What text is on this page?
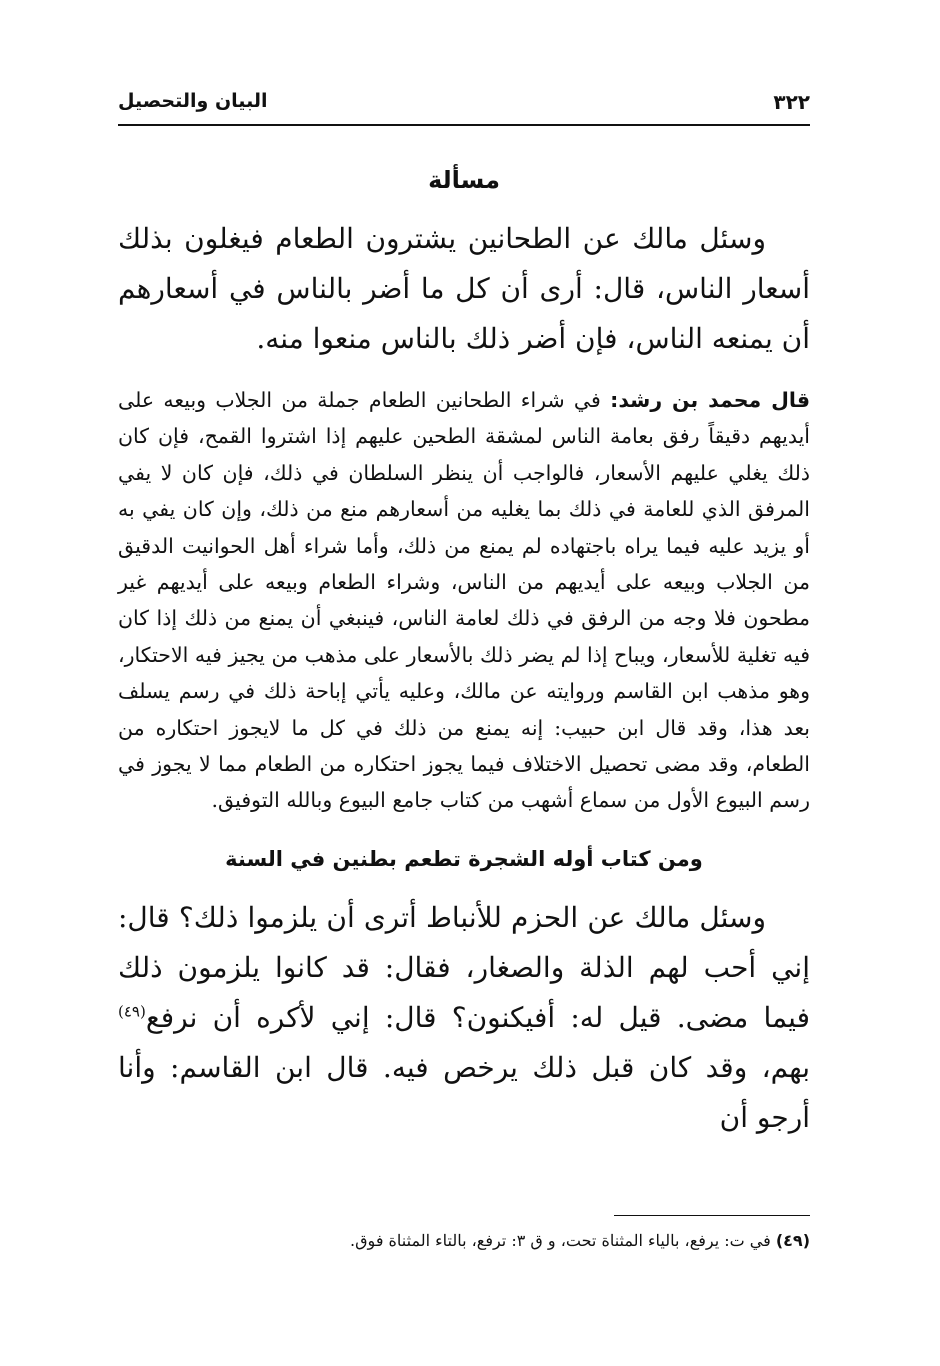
٣٢٢
البيان والتحصيل
مسألة

وسئل مالك عن الطحانين يشترون الطعام فيغلون بذلك أسعار الناس، قال: أرى أن كل ما أضر بالناس في أسعارهم أن يمنعه الناس، فإن أضر ذلك بالناس منعوا منه.

قال محمد بن رشد: في شراء الطحانين الطعام جملة من الجلاب وبيعه على أيديهم دقيقاً رفق بعامة الناس لمشقة الطحين عليهم إذا اشتروا القمح، فإن كان ذلك يغلي عليهم الأسعار، فالواجب أن ينظر السلطان في ذلك، فإن كان لا يفي المرفق الذي للعامة في ذلك بما يغليه من أسعارهم منع من ذلك، وإن كان يفي به أو يزيد عليه فيما يراه باجتهاده لم يمنع من ذلك، وأما شراء أهل الحوانيت الدقيق من الجلاب وبيعه على أيديهم من الناس، وشراء الطعام وبيعه على أيديهم غير مطحون فلا وجه من الرفق في ذلك لعامة الناس، فينبغي أن يمنع من ذلك إذا كان فيه تغلية للأسعار، ويباح إذا لم يضر ذلك بالأسعار على مذهب من يجيز فيه الاحتكار، وهو مذهب ابن القاسم وروايته عن مالك، وعليه يأتي إباحة ذلك في رسم يسلف بعد هذا، وقد قال ابن حبيب: إنه يمنع من ذلك في كل ما لايجوز احتكاره من الطعام، وقد مضى تحصيل الاختلاف فيما يجوز احتكاره من الطعام مما لا يجوز في رسم البيوع الأول من سماع أشهب من كتاب جامع البيوع وبالله التوفيق.

ومن كتاب أوله الشجرة تطعم بطنين في السنة

وسئل مالك عن الحزم للأنباط أترى أن يلزموا ذلك؟ قال: إني أحب لهم الذلة والصغار، فقال: قد كانوا يلزمون ذلك فيما مضى. قيل له: أفيكنون؟ قال: إني لأكره أن نرفع$^{(٤٩)}$ بهم، وقد كان قبل ذلك يرخص فيه. قال ابن القاسم: وأنا أرجو أن

(٤٩) في ت: يرفع، بالياء المثناة تحت، و ق ٣: ترفع، بالتاء المثناة فوق.
